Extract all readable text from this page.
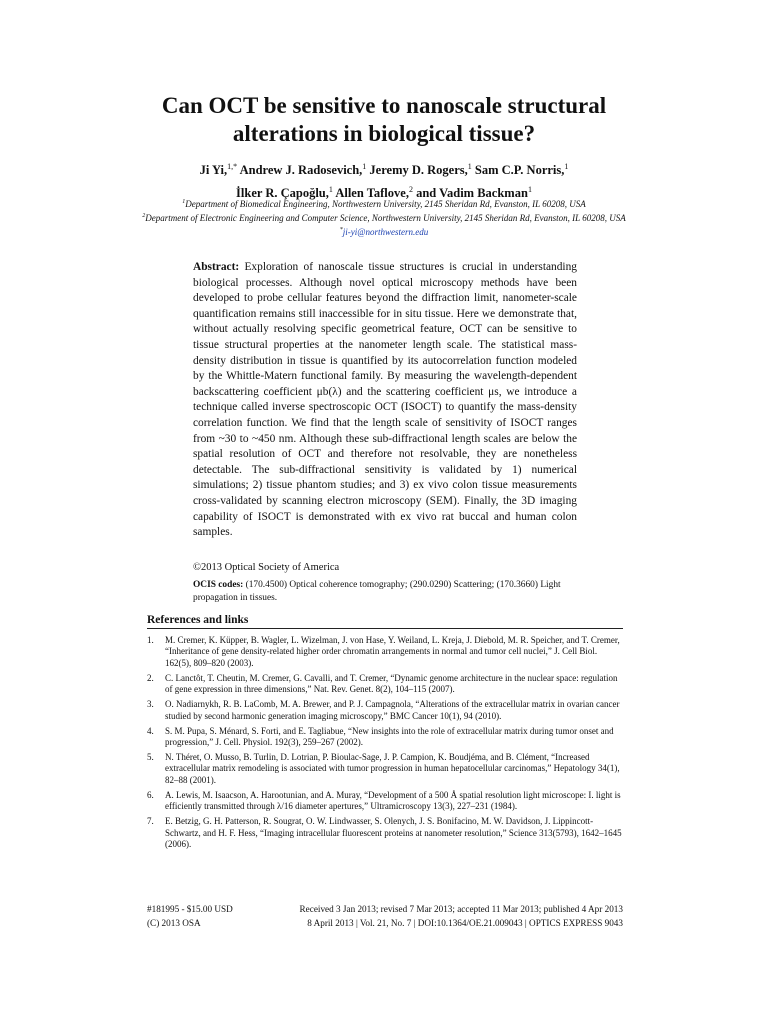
Can OCT be sensitive to nanoscale structural
alterations in biological tissue?
Ji Yi,$^{1,*}$ Andrew J. Radosevich,$^1$ Jeremy D. Rogers,$^1$ Sam C.P. Norris,$^1$
İlker R. Çapoğlu,$^1$ Allen Taflove,$^2$ and Vadim Backman$^1$
$^1$Department of Biomedical Engineering, Northwestern University, 2145 Sheridan Rd, Evanston, IL 60208, USA
$^2$Department of Electronic Engineering and Computer Science, Northwestern University, 2145 Sheridan Rd, Evanston, IL 60208, USA
*ji-yi@northwestern.edu
Abstract: Exploration of nanoscale tissue structures is crucial in understanding biological processes. Although novel optical microscopy methods have been developed to probe cellular features beyond the diffraction limit, nanometer-scale quantification remains still inaccessible for in situ tissue. Here we demonstrate that, without actually resolving specific geometrical feature, OCT can be sensitive to tissue structural properties at the nanometer length scale. The statistical mass-density distribution in tissue is quantified by its autocorrelation function modeled by the Whittle-Matern functional family. By measuring the wavelength-dependent backscattering coefficient μb(λ) and the scattering coefficient μs, we introduce a technique called inverse spectroscopic OCT (ISOCT) to quantify the mass-density correlation function. We find that the length scale of sensitivity of ISOCT ranges from ~30 to ~450 nm. Although these sub-diffractional length scales are below the spatial resolution of OCT and therefore not resolvable, they are nonetheless detectable. The sub-diffractional sensitivity is validated by 1) numerical simulations; 2) tissue phantom studies; and 3) ex vivo colon tissue measurements cross-validated by scanning electron microscopy (SEM). Finally, the 3D imaging capability of ISOCT is demonstrated with ex vivo rat buccal and human colon samples.
©2013 Optical Society of America
OCIS codes: (170.4500) Optical coherence tomography; (290.0290) Scattering; (170.3660) Light propagation in tissues.
References and links
1. M. Cremer, K. Küpper, B. Wagler, L. Wizelman, J. von Hase, Y. Weiland, L. Kreja, J. Diebold, M. R. Speicher, and T. Cremer, “Inheritance of gene density-related higher order chromatin arrangements in normal and tumor cell nuclei,” J. Cell Biol. 162(5), 809–820 (2003).
2. C. Lanctôt, T. Cheutin, M. Cremer, G. Cavalli, and T. Cremer, “Dynamic genome architecture in the nuclear space: regulation of gene expression in three dimensions,” Nat. Rev. Genet. 8(2), 104–115 (2007).
3. O. Nadiarnykh, R. B. LaComb, M. A. Brewer, and P. J. Campagnola, “Alterations of the extracellular matrix in ovarian cancer studied by second harmonic generation imaging microscopy,” BMC Cancer 10(1), 94 (2010).
4. S. M. Pupa, S. Ménard, S. Forti, and E. Tagliabue, “New insights into the role of extracellular matrix during tumor onset and progression,” J. Cell. Physiol. 192(3), 259–267 (2002).
5. N. Théret, O. Musso, B. Turlin, D. Lotrian, P. Bioulac-Sage, J. P. Campion, K. Boudjéma, and B. Clément, “Increased extracellular matrix remodeling is associated with tumor progression in human hepatocellular carcinomas,” Hepatology 34(1), 82–88 (2001).
6. A. Lewis, M. Isaacson, A. Harootunian, and A. Muray, “Development of a 500 Å spatial resolution light microscope: I. light is efficiently transmitted through λ/16 diameter apertures,” Ultramicroscopy 13(3), 227–231 (1984).
7. E. Betzig, G. H. Patterson, R. Sougrat, O. W. Lindwasser, S. Olenych, J. S. Bonifacino, M. W. Davidson, J. Lippincott-Schwartz, and H. F. Hess, “Imaging intracellular fluorescent proteins at nanometer resolution,” Science 313(5793), 1642–1645 (2006).
#181995 - $15.00 USD
(C) 2013 OSA
Received 3 Jan 2013; revised 7 Mar 2013; accepted 11 Mar 2013; published 4 Apr 2013
8 April 2013 | Vol. 21, No. 7 | DOI:10.1364/OE.21.009043 | OPTICS EXPRESS 9043
